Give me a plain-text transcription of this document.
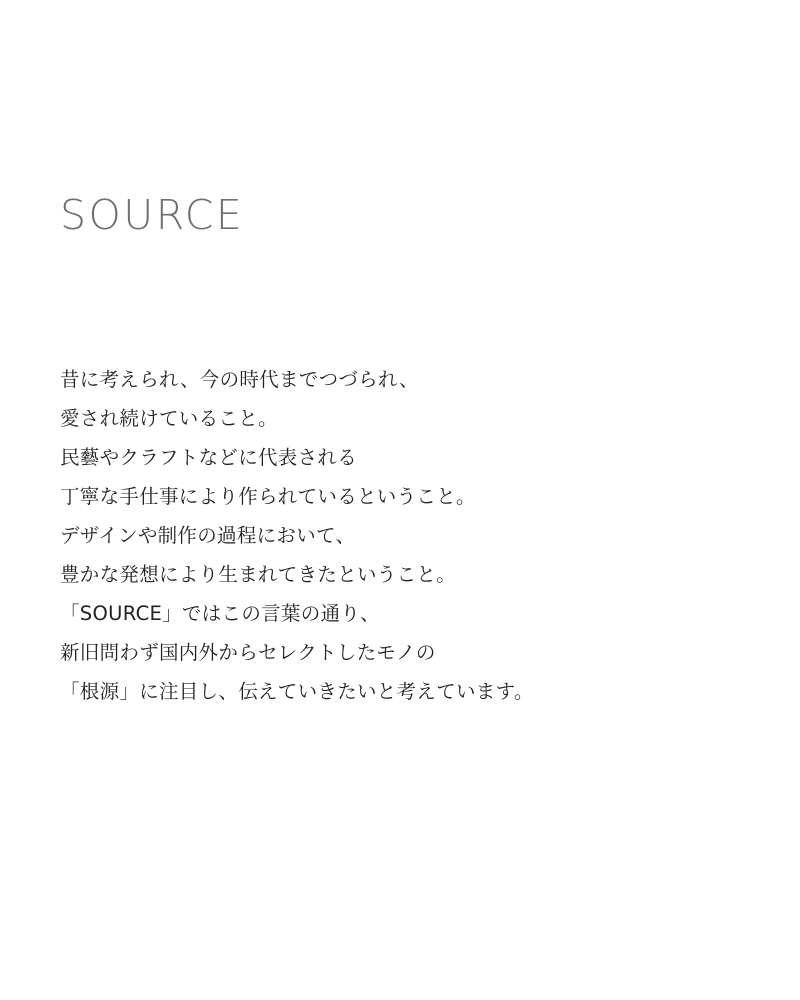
SOURCE
昔に考えられ、今の時代までつづられ、
愛され続けていること。
民藝やクラフトなどに代表される
丁寧な手仕事により作られているということ。
デザインや制作の過程において、
豊かな発想により生まれてきたということ。
「SOURCE」ではこの言葉の通り、
新旧問わず国内外からセレクトしたモノの
「根源」に注目し、伝えていきたいと考えています。
